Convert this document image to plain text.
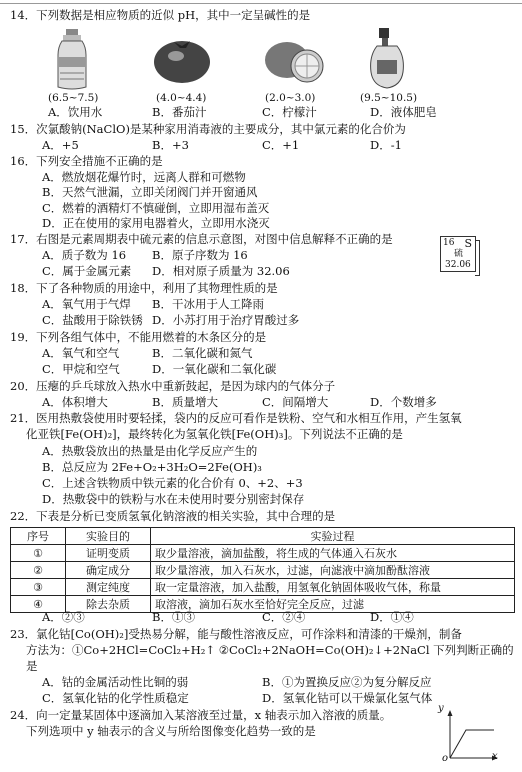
14．下列数据是相应物质的近似 pH，其中一定呈碱性的是
(6.5~7.5)	(4.0~4.4)	(2.0~3.0)	(9.5~10.5)
A．饮用水	B．番茄汁	C．柠檬汁	D．液体肥皂
15．次氯酸钠(NaClO)是某种家用消毒液的主要成分，其中氯元素的化合价为
A．+5	B．+3	C．+1	D．-1
16．下列安全措施不正确的是
A．燃放烟花爆竹时，远离人群和可燃物
B．天然气泄漏，立即关闭阀门并开窗通风
C．燃着的酒精灯不慎碰倒，立即用湿布盖灭
D．正在使用的家用电器着火，立即用水浇灭
17．右图是元素周期表中硫元素的信息示意图，对图中信息解释不正确的是
A．质子数为 16 B．原子序数为 16
C．属于金属元素 D．相对原子质量为 32.06
16 S
硫
32.06
18．下了各种物质的用途中，利用了其物理性质的是
A．氧气用于气焊 B．干冰用于人工降雨
C．盐酸用于除铁锈 D．小苏打用于治疗胃酸过多
19．下列各组气体中，不能用燃着的木条区分的是
A．氧气和空气	B．二氧化碳和氮气
C．甲烷和空气	D．一氧化碳和二氧化碳
20．压瘪的乒乓球放入热水中重新鼓起，是因为球内的气体分子
A．体积增大	B．质量增大	C．间隔增大	D．个数增多
21．医用热敷袋使用时要轻揉，袋内的反应可看作是铁粉、空气和水相互作用，产生氢氧
化亚铁[Fe(OH)₂]，最终转化为氢氧化铁[Fe(OH)₃]。下列说法不正确的是
A．热敷袋放出的热量是由化学反应产生的
B．总反应为 2Fe+O₂+3H₂O=2Fe(OH)₃
C．上述含铁物质中铁元素的化合价有 0、+2、+3
D．热敷袋中的铁粉与水在未使用时要分别密封保存
22．下表是分析已变质氢氧化钠溶液的相关实验，其中合理的是
序号	实验目的	实验过程
①	证明变质	取少量溶液，滴加盐酸，将生成的气体通入石灰水
②	确定成分	取少量溶液，加入石灰水，过滤，向滤液中滴加酚酞溶液
③	测定纯度	取一定量溶液，加入盐酸，用氢氧化钠固体吸收气体，称量
④	除去杂质	取溶液，滴加石灰水至恰好完全反应，过滤
A．②③	B．①③	C．②④	D．①④
23．氯化钴[Co(OH)₂]受热易分解，能与酸性溶液反应，可作涂料和清漆的干燥剂，制备
方法为：①Co+2HCl=CoCl₂+H₂↑ ②CoCl₂+2NaOH=Co(OH)₂↓+2NaCl 下列判断正确的
是
A．钴的金属活动性比铜的弱	B．①为置换反应②为复分解反应
C．氢氧化钴的化学性质稳定	D．氢氧化钴可以干燥氯化氢气体
24．向一定量某固体中逐滴加入某溶液至过量，x 轴表示加入溶液的质量。
下列选项中 y 轴表示的含义与所给图像变化趋势一致的是
y
x
o
